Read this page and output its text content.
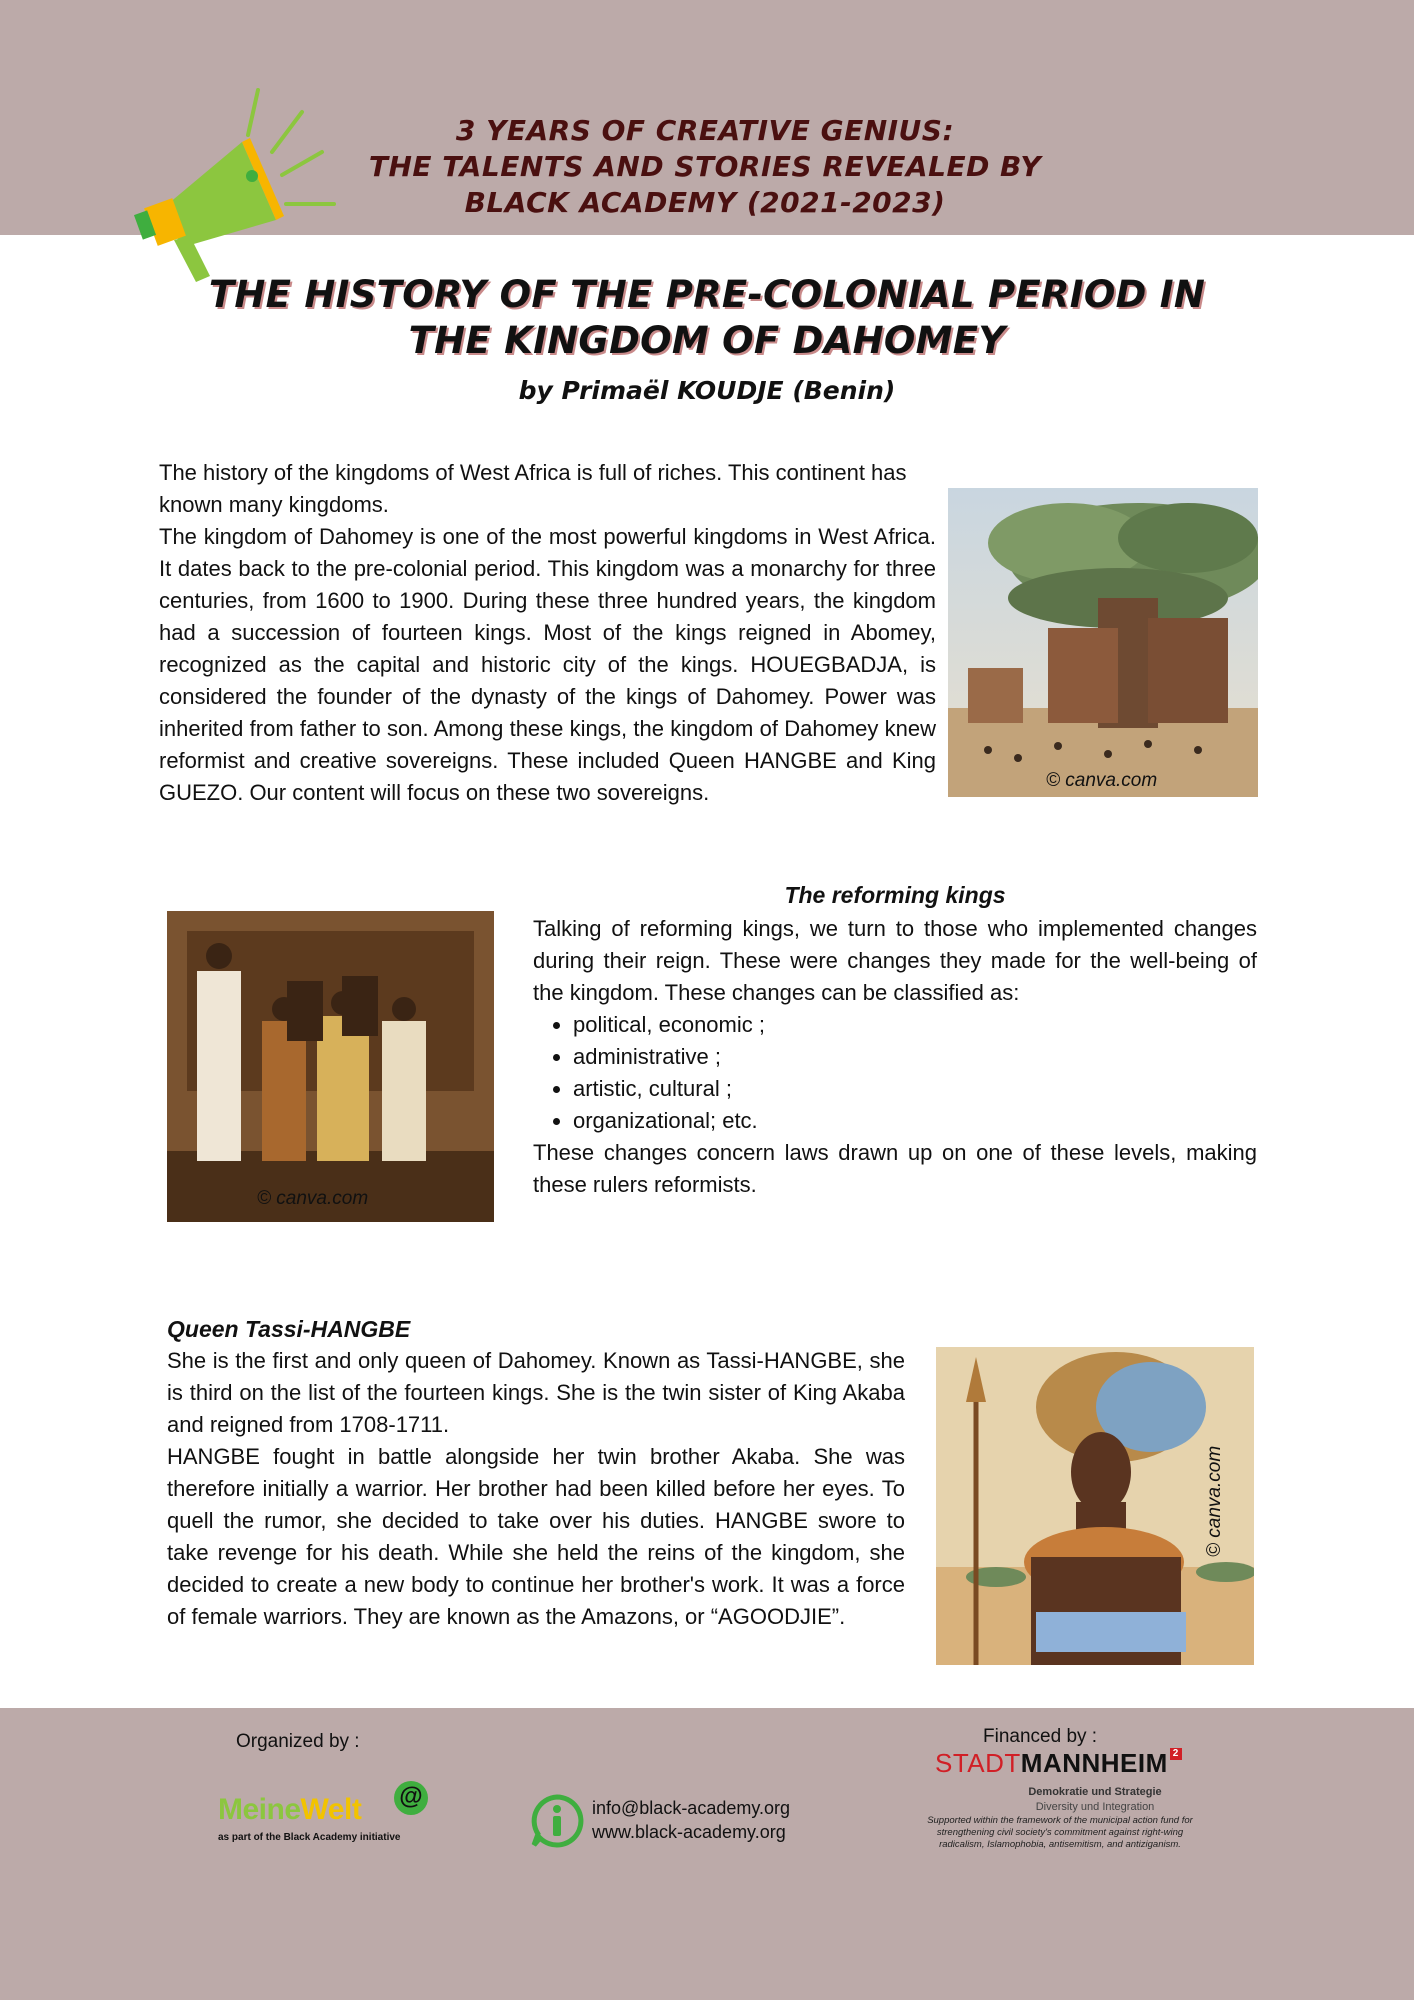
3 YEARS OF CREATIVE GENIUS:
THE TALENTS AND STORIES REVEALED BY
BLACK ACADEMY (2021-2023)
THE HISTORY OF THE PRE-COLONIAL PERIOD IN
THE KINGDOM OF DAHOMEY
by Primaël KOUDJE (Benin)

The history of the kingdoms of West Africa is full of riches. This continent has known many kingdoms.

The kingdom of Dahomey is one of the most powerful kingdoms in West Africa. It dates back to the pre-colonial period. This kingdom was a monarchy for three centuries, from 1600 to 1900. During these three hundred years, the kingdom had a succession of fourteen kings. Most of the kings reigned in Abomey, recognized as the capital and historic city of the kings. HOUEGBADJA, is considered the founder of the dynasty of the kings of Dahomey. Power was inherited from father to son. Among these kings, the kingdom of Dahomey knew reformist and creative sovereigns. These included Queen HANGBE and King GUEZO. Our content will focus on these two sovereigns.	© canva.com
© canva.com
The reforming kings

Talking of reforming kings, we turn to those who implemented changes during their reign. These were changes they made for the well-being of the kingdom. These changes can be classified as:

• political, economic ;
• administrative ;
• artistic, cultural ;
• organizational; etc.

These changes concern laws drawn up on one of these levels, making these rulers reformists.

Queen Tassi-HANGBE

She is the first and only queen of Dahomey. Known as Tassi-HANGBE, she is third on the list of the fourteen kings. She is the twin sister of King Akaba and reigned from 1708-1711.

HANGBE fought in battle alongside her twin brother Akaba. She was therefore initially a warrior. Her brother had been killed before her eyes. To quell the rumor, she decided to take over his duties. HANGBE swore to take revenge for his death. While she held the reins of the kingdom, she decided to create a new body to continue her brother's work. It was a force of female warriors. They are known as the Amazons, or “AGOODJIE”.

© canva.com
Organized by :
MeineWelt @
as part of the Black Academy initiative
info@black-academy.org
www.black-academy.org
Financed by :
STADTMANNHEIM 2
Demokratie und Strategie
Diversity und Integration
Supported within the framework of the municipal action fund for strengthening civil society's commitment against right-wing radicalism, Islamophobia, antisemitism, and antiziganism.
